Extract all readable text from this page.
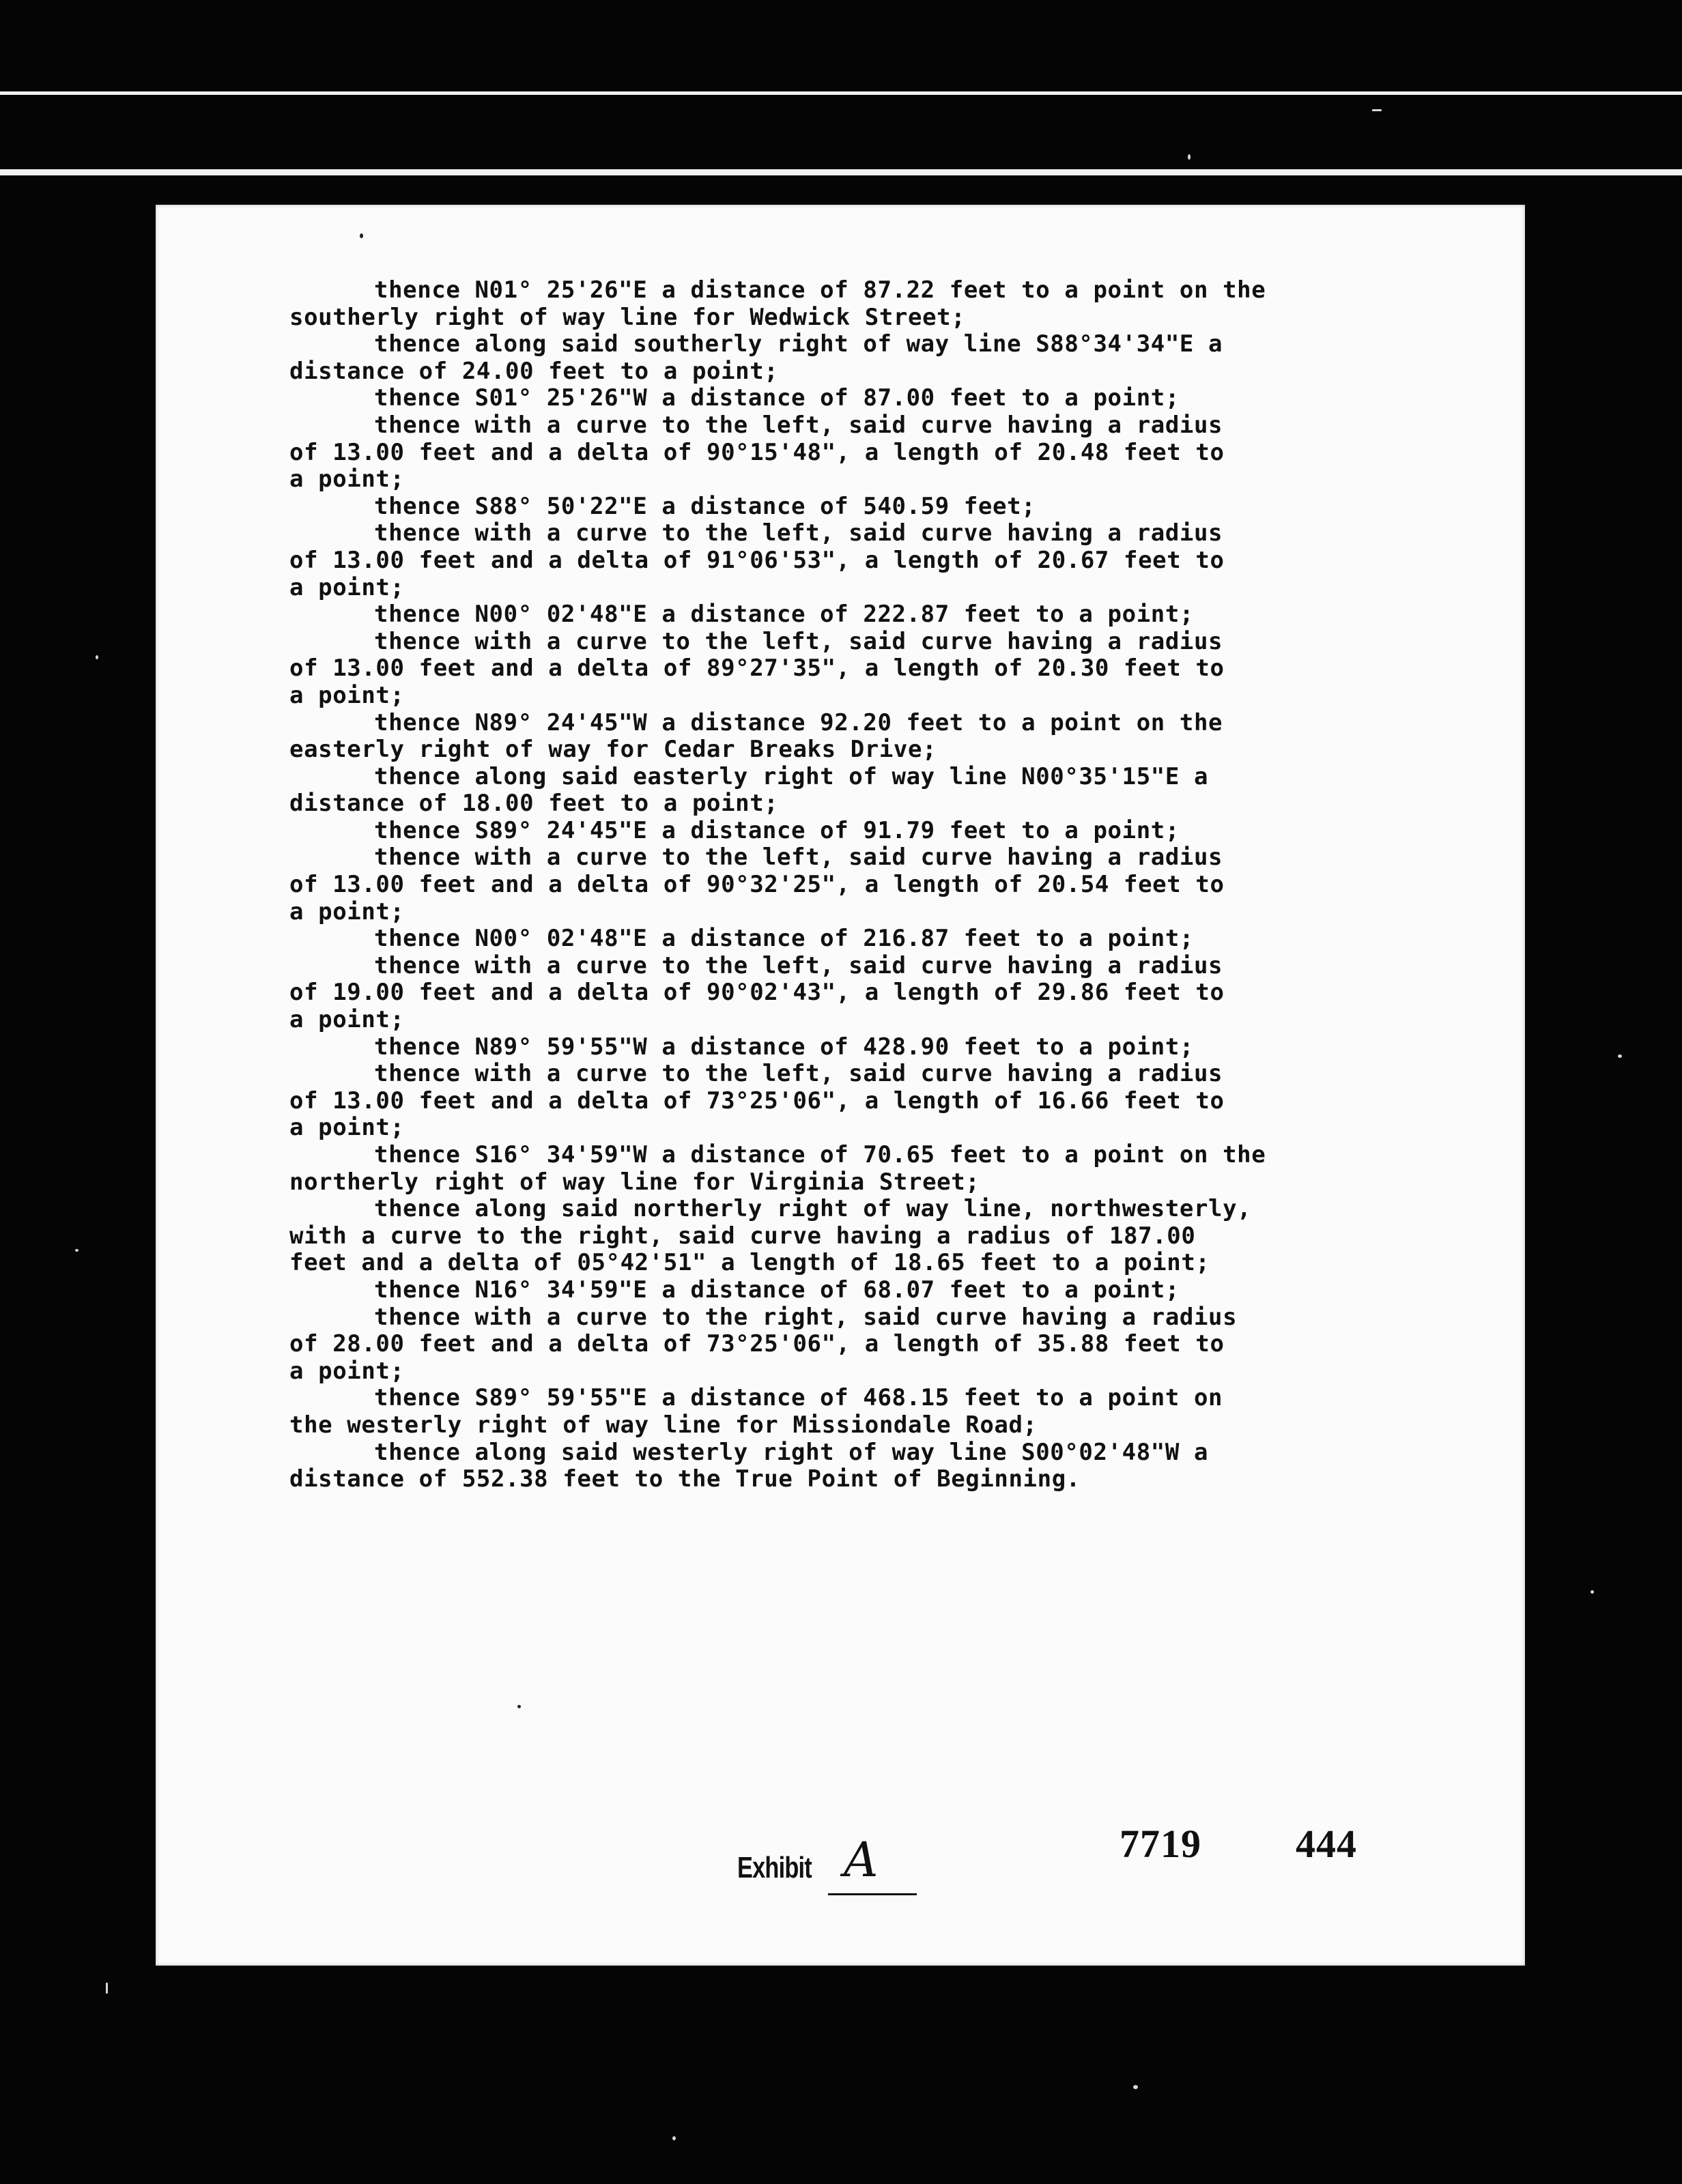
thence N01° 25'26"E a distance of 87.22 feet to a point on the
southerly right of way line for Wedwick Street;
thence along said southerly right of way line S88°34'34"E a
distance of 24.00 feet to a point;
thence S01° 25'26"W a distance of 87.00 feet to a point;
thence with a curve to the left, said curve having a radius
of 13.00 feet and a delta of 90°15'48", a length of 20.48 feet to
a point;
thence S88° 50'22"E a distance of 540.59 feet;
thence with a curve to the left, said curve having a radius
of 13.00 feet and a delta of 91°06'53", a length of 20.67 feet to
a point;
thence N00° 02'48"E a distance of 222.87 feet to a point;
thence with a curve to the left, said curve having a radius
of 13.00 feet and a delta of 89°27'35", a length of 20.30 feet to
a point;
thence N89° 24'45"W a distance 92.20 feet to a point on the
easterly right of way for Cedar Breaks Drive;
thence along said easterly right of way line N00°35'15"E a
distance of 18.00 feet to a point;
thence S89° 24'45"E a distance of 91.79 feet to a point;
thence with a curve to the left, said curve having a radius
of 13.00 feet and a delta of 90°32'25", a length of 20.54 feet to
a point;
thence N00° 02'48"E a distance of 216.87 feet to a point;
thence with a curve to the left, said curve having a radius
of 19.00 feet and a delta of 90°02'43", a length of 29.86 feet to
a point;
thence N89° 59'55"W a distance of 428.90 feet to a point;
thence with a curve to the left, said curve having a radius
of 13.00 feet and a delta of 73°25'06", a length of 16.66 feet to
a point;
thence S16° 34'59"W a distance of 70.65 feet to a point on the
northerly right of way line for Virginia Street;
thence along said northerly right of way line, northwesterly,
with a curve to the right, said curve having a radius of 187.00
feet and a delta of 05°42'51" a length of 18.65 feet to a point;
thence N16° 34'59"E a distance of 68.07 feet to a point;
thence with a curve to the right, said curve having a radius
of 28.00 feet and a delta of 73°25'06", a length of 35.88 feet to
a point;
thence S89° 59'55"E a distance of 468.15 feet to a point on
the westerly right of way line for Missiondale Road;
thence along said westerly right of way line S00°02'48"W a
distance of 552.38 feet to the True Point of Beginning.
Exhibit A	7719 444
